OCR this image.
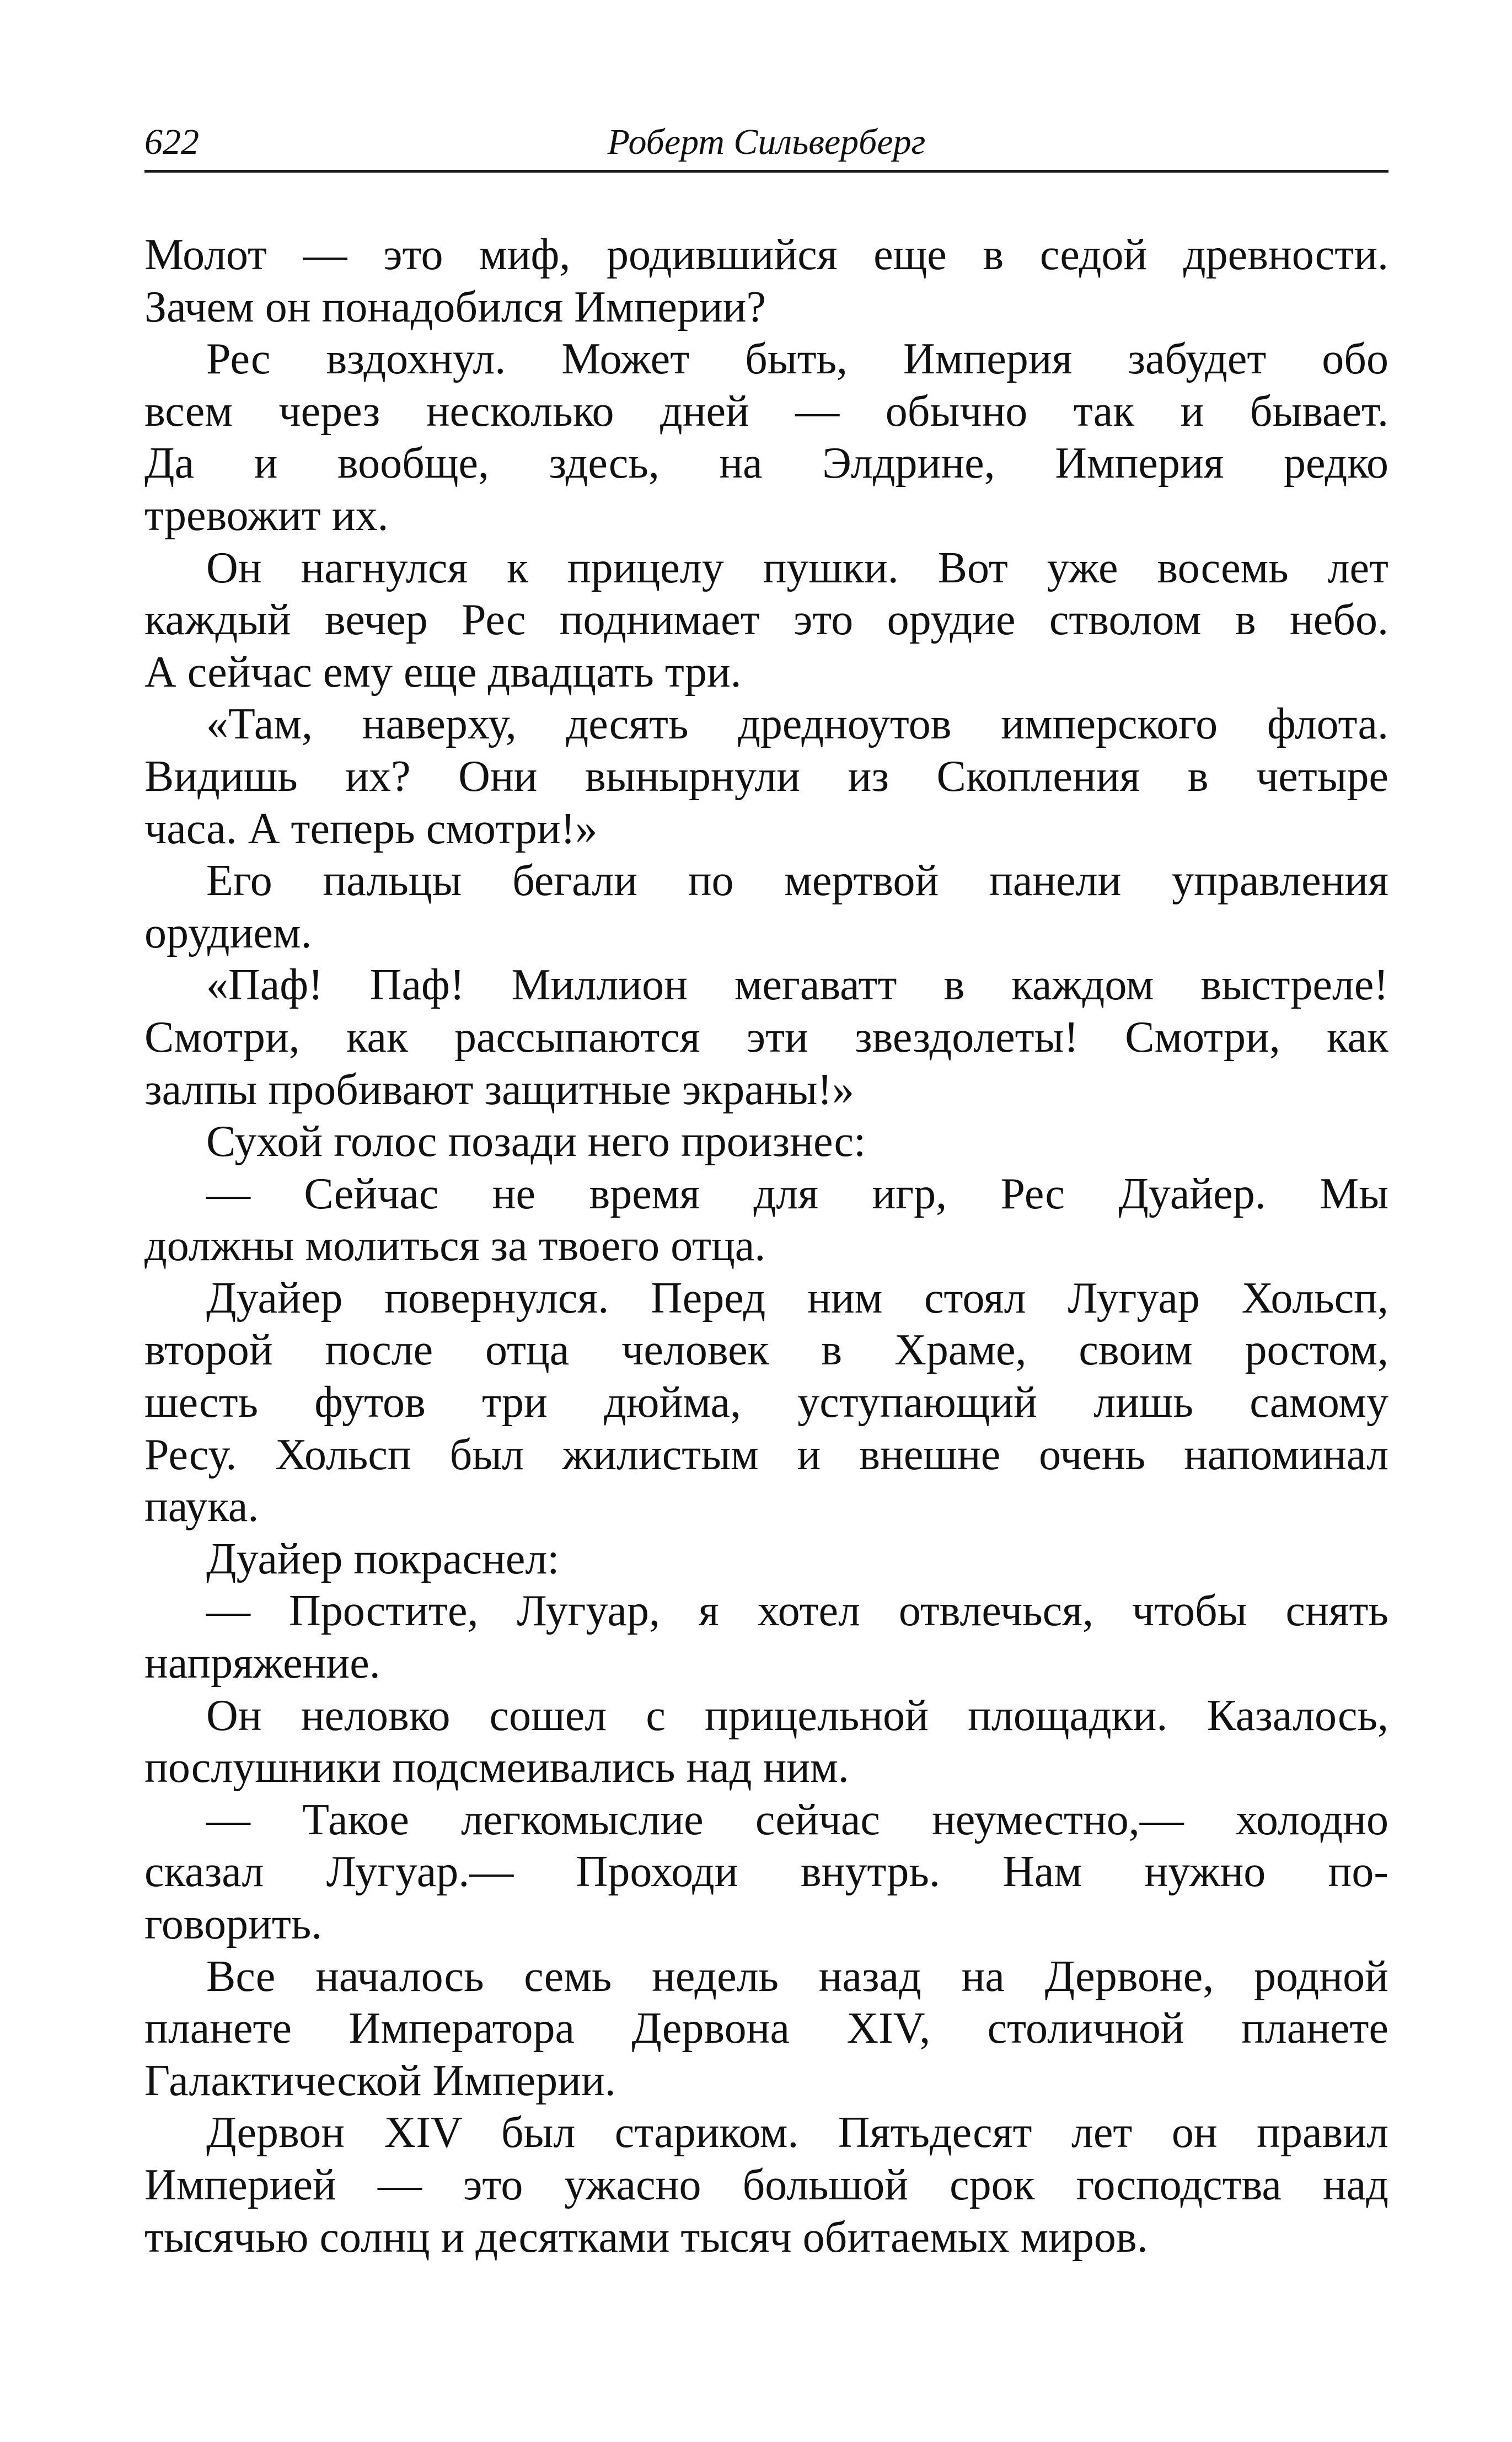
622	Роберт Сильверберг
Молот — это миф, родившийся еще в седой древности.
Зачем он понадобился Империи?
Рес вздохнул. Может быть, Империя забудет обо
всем через несколько дней — обычно так и бывает.
Да и вообще, здесь, на Элдрине, Империя редко
тревожит их.
Он нагнулся к прицелу пушки. Вот уже восемь лет
каждый вечер Рес поднимает это орудие стволом в небо.
А сейчас ему еще двадцать три.
«Там, наверху, десять дредноутов имперского флота.
Видишь их? Они вынырнули из Скопления в четыре
часа. А теперь смотри!»
Его пальцы бегали по мертвой панели управления
орудием.
«Паф! Паф! Миллион мегаватт в каждом выстреле!
Смотри, как рассыпаются эти звездолеты! Смотри, как
залпы пробивают защитные экраны!»
Сухой голос позади него произнес:
— Сейчас не время для игр, Рес Дуайер. Мы
должны молиться за твоего отца.
Дуайер повернулся. Перед ним стоял Лугуар Хольсп,
второй после отца человек в Храме, своим ростом,
шесть футов три дюйма, уступающий лишь самому
Ресу. Хольсп был жилистым и внешне очень напоминал
паука.
Дуайер покраснел:
— Простите, Лугуар, я хотел отвлечься, чтобы снять
напряжение.
Он неловко сошел с прицельной площадки. Казалось,
послушники подсмеивались над ним.
— Такое легкомыслие сейчас неуместно,— холодно
сказал Лугуар.— Проходи внутрь. Нам нужно по-
говорить.
Все началось семь недель назад на Дервоне, родной
планете Императора Дервона XIV, столичной планете
Галактической Империи.
Дервон XIV был стариком. Пятьдесят лет он правил
Империей — это ужасно большой срок господства над
тысячью солнц и десятками тысяч обитаемых миров.
